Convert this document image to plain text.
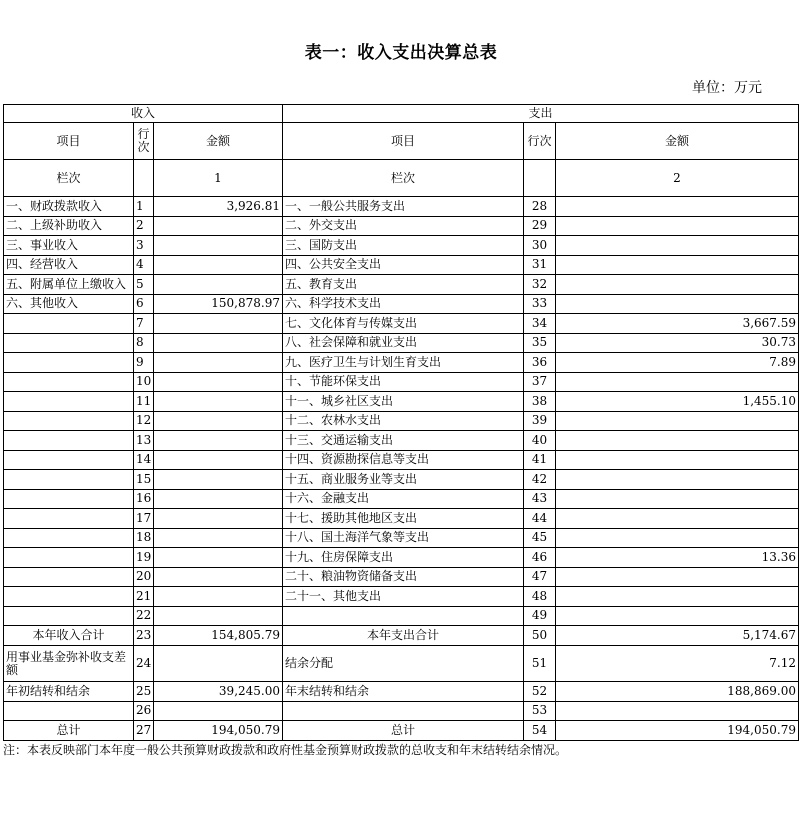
表一：收入支出决算总表
单位：万元
收入			支出		
项目	行次	金额	项目	行次	金额
栏次		1	栏次		2
一、财政拨款收入	1	3,926.81	一、一般公共服务支出	28	
二、上级补助收入	2		二、外交支出	29	
三、事业收入	3		三、国防支出	30	
四、经营收入	4		四、公共安全支出	31	
五、附属单位上缴收入	5		五、教育支出	32	
六、其他收入	6	150,878.97	六、科学技术支出	33	
	7		七、文化体育与传媒支出	34	3,667.59
	8		八、社会保障和就业支出	35	30.73
	9		九、医疗卫生与计划生育支出	36	7.89
	10		十、节能环保支出	37	
	11		十一、城乡社区支出	38	1,455.10
	12		十二、农林水支出	39	
	13		十三、交通运输支出	40	
	14		十四、资源勘探信息等支出	41	
	15		十五、商业服务业等支出	42	
	16		十六、金融支出	43	
	17		十七、援助其他地区支出	44	
	18		十八、国土海洋气象等支出	45	
	19		十九、住房保障支出	46	13.36
	20		二十、粮油物资储备支出	47	
	21		二十一、其他支出	48	
	22			49	
本年收入合计	23	154,805.79	本年支出合计	50	5,174.67
用事业基金弥补收支差额	24		结余分配	51	7.12
年初结转和结余	25	39,245.00	年末结转和结余	52	188,869.00
	26			53	
总计	27	194,050.79	总计	54	194,050.79
注：本表反映部门本年度一般公共预算财政拨款和政府性基金预算财政拨款的总收支和年末结转结余情况。
